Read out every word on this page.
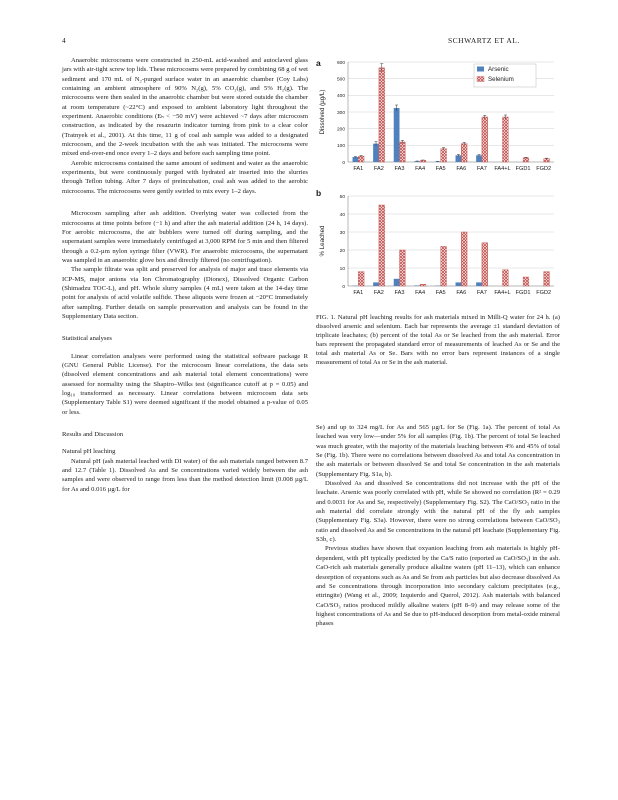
4	SCHWARTZ ET AL.

Anaerobic microcosms were constructed in 250-mL acid-washed and autoclaved glass jars with air-tight screw top lids. These microcosms were prepared by combining 68 g of wet sediment and 170 mL of N₂-purged surface water in an anaerobic chamber (Coy Labs) containing an ambient atmosphere of 90% N₂(g), 5% CO₂(g), and 5% H₂(g). The microcosms were then sealed in the anaerobic chamber but were stored outside the chamber at room temperature (~22°C) and exposed to ambient laboratory light throughout the experiment. Anaerobic conditions (Eₕ < −50 mV) were achieved ~7 days after microcosm construction, as indicated by the resazurin indicator turning from pink to a clear color (Tratnyek et al., 2001). At this time, 11 g of coal ash sample was added to a designated microcosm, and the 2-week incubation with the ash was initiated. The microcosms were mixed end-over-end once every 1–2 days and before each sampling time point.

Aerobic microcosms contained the same amount of sediment and water as the anaerobic experiments, but were continuously purged with hydrated air inserted into the slurries through Teflon tubing. After 7 days of preincubation, coal ash was added to the aerobic microcosms. The microcosms were gently swirled to mix every 1–2 days.

Microcosm sampling after ash addition. Overlying water was collected from the microcosms at time points before (−1 h) and after the ash material addition (24 h, 14 days). For aerobic microcosms, the air bubblers were turned off during sampling, and the supernatant samples were immediately centrifuged at 3,000 RPM for 5 min and then filtered through a 0.2-µm nylon syringe filter (VWR). For anaerobic microcosms, the supernatant was sampled in an anaerobic glove box and directly filtered (no centrifugation).

The sample filtrate was split and preserved for analysis of major and trace elements via ICP-MS, major anions via Ion Chromatography (Dionex), Dissolved Organic Carbon (Shimadzu TOC-L), and pH. Whole slurry samples (4 mL) were taken at the 14-day time point for analysis of acid volatile sulfide. These aliquots were frozen at −20°C immediately after sampling. Further details on sample preservation and analysis can be found in the Supplementary Data section.

Statistical analyses

Linear correlation analyses were performed using the statistical software package R (GNU General Public License). For the microcosm linear correlations, the data sets (dissolved element concentrations and ash material total element concentrations) were assessed for normality using the Shapiro–Wilks test (significance cutoff at p = 0.05) and log₁₀ transformed as necessary. Linear correlations between microcosm data sets (Supplementary Table S1) were deemed significant if the model obtained a p-value of 0.05 or less.

Results and Discussion

Natural pH leaching

Natural pH (ash material leached with DI water) of the ash materials ranged between 8.7 and 12.7 (Table 1). Dissolved As and Se concentrations varied widely between the ash samples and were observed to range from less than the method detection limit (0.008 µg/L for As and 0.016 µg/L for

a
Dissolved (µg/L)
0
100
200
300
400
500
600
FA1 FA2 FA3 FA4 FA5 FA6 FA7 FA4+L FGD1 FGD2
Arsenic
Selenium
b
% Leached
0
10
20
30
40
50
FA1 FA2 FA3 FA4 FA5 FA6 FA7 FA4+L FGD1 FGD2

FIG. 1. Natural pH leaching results for ash materials mixed in Milli-Q water for 24 h. (a) dissolved arsenic and selenium. Each bar represents the average ±1 standard deviation of triplicate leachates; (b) percent of the total As or Se leached from the ash material. Error bars represent the propagated standard error of measurements of leached As or Se and the total ash material As or Se. Bars with no error bars represent instances of a single measurement of total As or Se in the ash material.

Se) and up to 324 mg/L for As and 565 µg/L for Se (Fig. 1a). The percent of total As leached was very low—under 5% for all samples (Fig. 1b). The percent of total Se leached was much greater, with the majority of the materials leaching between 4% and 45% of total Se (Fig. 1b). There were no correlations between dissolved As and total As concentration in the ash materials or between dissolved Se and total Se concentration in the ash materials (Supplementary Fig. S1a, b).

Dissolved As and dissolved Se concentrations did not increase with the pH of the leachate. Arsenic was poorly correlated with pH, while Se showed no correlation (R² = 0.29 and 0.0031 for As and Se, respectively) (Supplementary Fig. S2). The CaO/SO₃ ratio in the ash material did correlate strongly with the natural pH of the fly ash samples (Supplementary Fig. S3a). However, there were no strong correlations between CaO/SO₃ ratio and dissolved As and Se concentrations in the natural pH leachate (Supplementary Fig. S3b, c).

Previous studies have shown that oxyanion leaching from ash materials is highly pH-dependent, with pH typically predicted by the Ca/S ratio (reported as CaO/SO₃) in the ash. CaO-rich ash materials generally produce alkaline waters (pH 11–13), which can enhance desorption of oxyanions such as As and Se from ash particles but also decrease dissolved As and Se concentrations through incorporation into secondary calcium precipitates (e.g., ettringite) (Wang et al., 2009; Izquierdo and Querol, 2012). Ash materials with balanced CaO/SO₃ ratios produced mildly alkaline waters (pH 8–9) and may release some of the highest concentrations of As and Se due to pH-induced desorption from metal-oxide mineral phases
